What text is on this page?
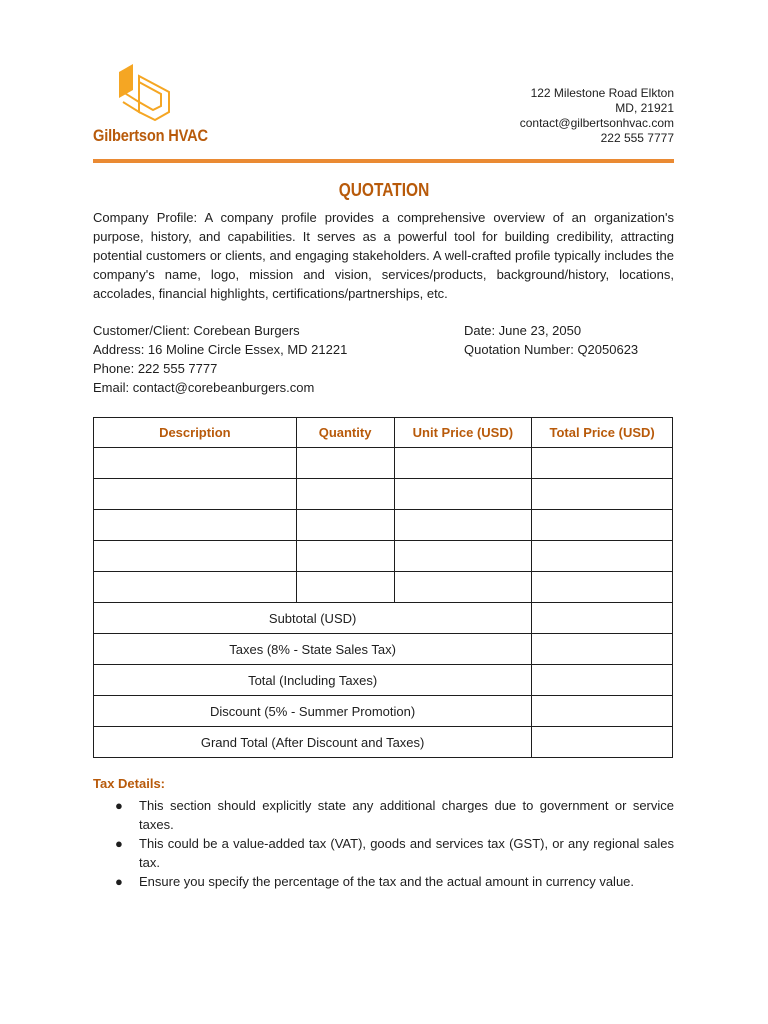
Gilbertson HVAC
122 Milestone Road Elkton
MD, 21921
contact@gilbertsonhvac.com
222 555 7777
QUOTATION
Company Profile: A company profile provides a comprehensive overview of an organization's purpose, history, and capabilities. It serves as a powerful tool for building credibility, attracting potential customers or clients, and engaging stakeholders. A well-crafted profile typically includes the company's name, logo, mission and vision, services/products, background/history, locations, accolades, financial highlights, certifications/partnerships, etc.
Customer/Client: Corebean Burgers
Address: 16 Moline Circle Essex, MD 21221
Phone: 222 555 7777
Email: contact@corebeanburgers.com
Date: June 23, 2050
Quotation Number: Q2050623
Description	Quantity	Unit Price (USD)	Total Price (USD)

Subtotal (USD)			
Taxes (8% - State Sales Tax)			
Total (Including Taxes)			
Discount (5% - Summer Promotion)			
Grand Total (After Discount and Taxes)			
Tax Details:
● This section should explicitly state any additional charges due to government or service taxes.
● This could be a value-added tax (VAT), goods and services tax (GST), or any regional sales tax.
● Ensure you specify the percentage of the tax and the actual amount in currency value.
